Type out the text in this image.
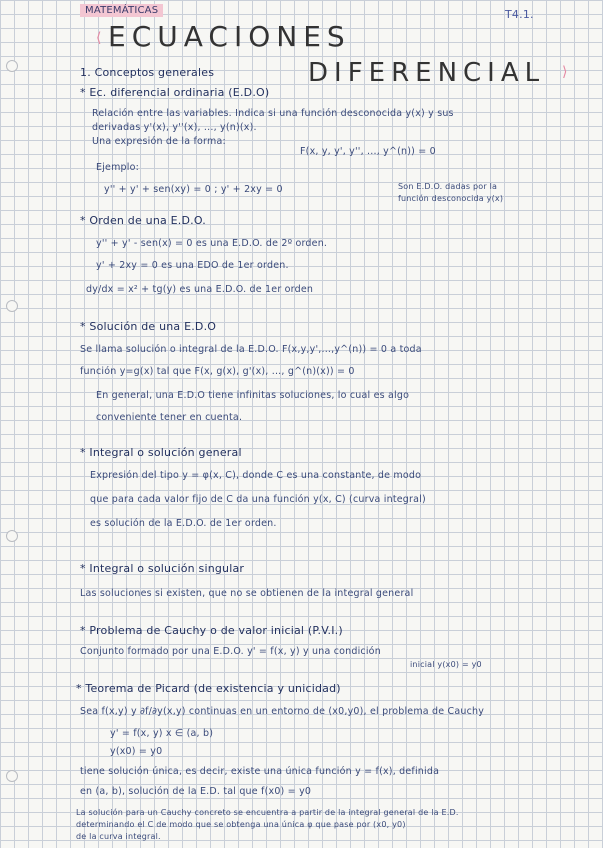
MATEMÁTICAS	T4.1.
⟨ ECUACIONES
DIFERENCIAL ⟩
1. Conceptos generales
* Ec. diferencial ordinaria (E.D.O)
Relación entre las variables. Indica si una función desconocida y(x) y sus
derivadas y'(x), y''(x), ..., y(n)(x).
Una expresión de la forma:
F(x, y, y', y'', ..., y^(n)) = 0
Ejemplo:
y'' + y' + sen(xy) = 0 ; y' + 2xy = 0	Son E.D.O. dadas por la
función desconocida y(x)
* Orden de una E.D.O.
y'' + y' - sen(x) = 0 es una E.D.O. de 2º orden.
y' + 2xy = 0 es una EDO de 1er orden.
dy/dx = x² + tg(y) es una E.D.O. de 1er orden
* Solución de una E.D.O
Se llama solución o integral de la E.D.O. F(x,y,y',...,y^(n)) = 0 a toda
función y=g(x) tal que F(x, g(x), g'(x), ..., g^(n)(x)) = 0
En general, una E.D.O tiene infinitas soluciones, lo cual es algo
conveniente tener en cuenta.
* Integral o solución general
Expresión del tipo y = φ(x, C), donde C es una constante, de modo
que para cada valor fijo de C da una función y(x, C) (curva integral)
es solución de la E.D.O. de 1er orden.
* Integral o solución singular
Las soluciones si existen, que no se obtienen de la integral general
* Problema de Cauchy o de valor inicial (P.V.I.)
Conjunto formado por una E.D.O. y' = f(x, y) y una condición
inicial y(x0) = y0
* Teorema de Picard (de existencia y unicidad)
Sea f(x,y) y ∂f/∂y(x,y) continuas en un entorno de (x0,y0), el problema de Cauchy
y' = f(x, y) x ∈ (a, b)
y(x0) = y0
tiene solución única, es decir, existe una única función y = f(x), definida
en (a, b), solución de la E.D. tal que f(x0) = y0
La solución para un Cauchy concreto se encuentra a partir de la integral general de la E.D.
determinando el C de modo que se obtenga una única φ que pase por (x0, y0)
de la curva integral.
